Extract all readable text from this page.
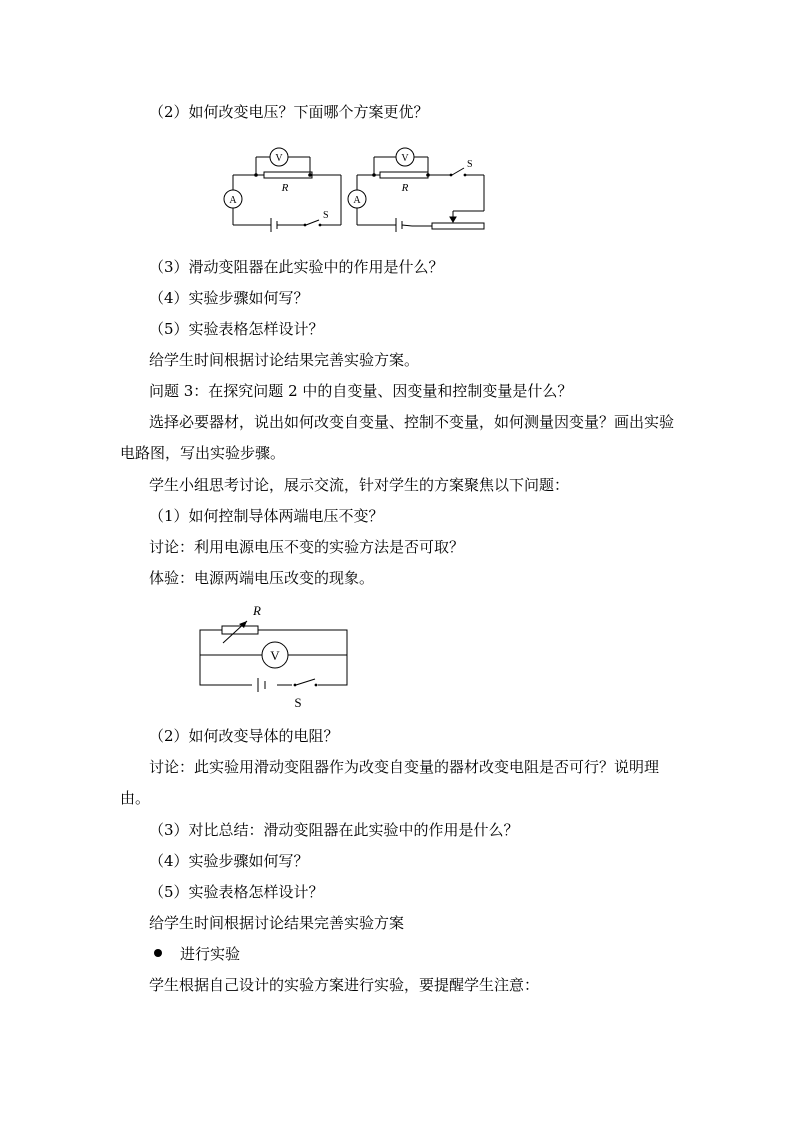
（2）如何改变电压？下面哪个方案更优？
V
A
R
S
V
A
R
S
（3）滑动变阻器在此实验中的作用是什么？
（4）实验步骤如何写？
（5）实验表格怎样设计？
给学生时间根据讨论结果完善实验方案。
问题 3：在探究问题 2 中的自变量、因变量和控制变量是什么？
选择必要器材，说出如何改变自变量、控制不变量，如何测量因变量？画出实验电路图，写出实验步骤。
学生小组思考讨论，展示交流，针对学生的方案聚焦以下问题：
（1）如何控制导体两端电压不变？
讨论：利用电源电压不变的实验方法是否可取？
体验：电源两端电压改变的现象。
R
V
S
（2）如何改变导体的电阻？
讨论：此实验用滑动变阻器作为改变自变量的器材改变电阻是否可行？说明理由。
（3）对比总结：滑动变阻器在此实验中的作用是什么？
（4）实验步骤如何写？
（5）实验表格怎样设计？
给学生时间根据讨论结果完善实验方案
进行实验
学生根据自己设计的实验方案进行实验，要提醒学生注意：
